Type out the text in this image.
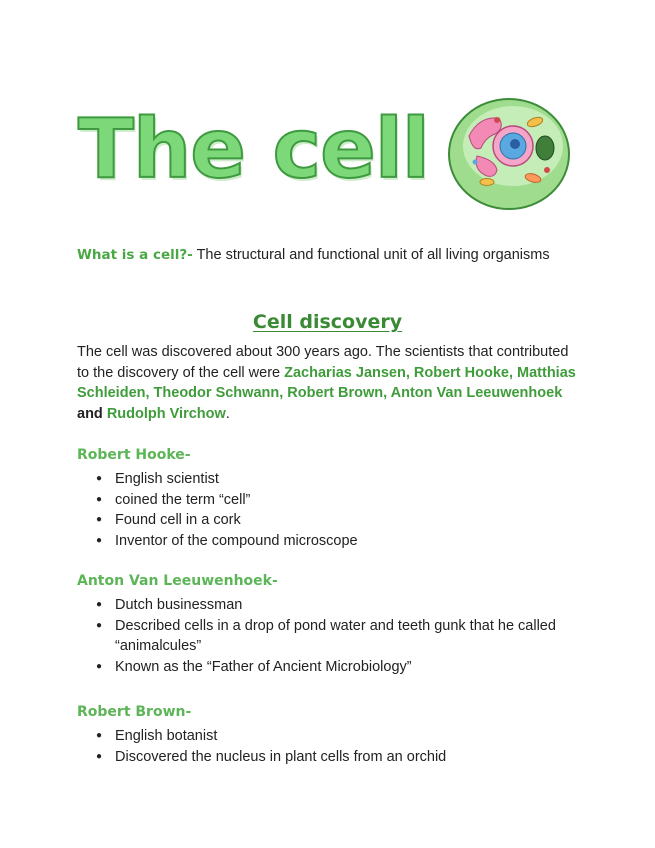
The cell
What is a cell?- The structural and functional unit of all living organisms
Cell discovery

The cell was discovered about 300 years ago. The scientists that contributed to the discovery of the cell were Zacharias Jansen, Robert Hooke, Matthias Schleiden, Theodor Schwann, Robert Brown, Anton Van Leeuwenhoek and Rudolph Virchow.

Robert Hooke-
● English scientist
● coined the term “cell”
● Found cell in a cork
● Inventor of the compound microscope
Anton Van Leeuwenhoek-
● Dutch businessman
● Described cells in a drop of pond water and teeth gunk that he called “animalcules”
● Known as the “Father of Ancient Microbiology”
Robert Brown-
● English botanist
● Discovered the nucleus in plant cells from an orchid
